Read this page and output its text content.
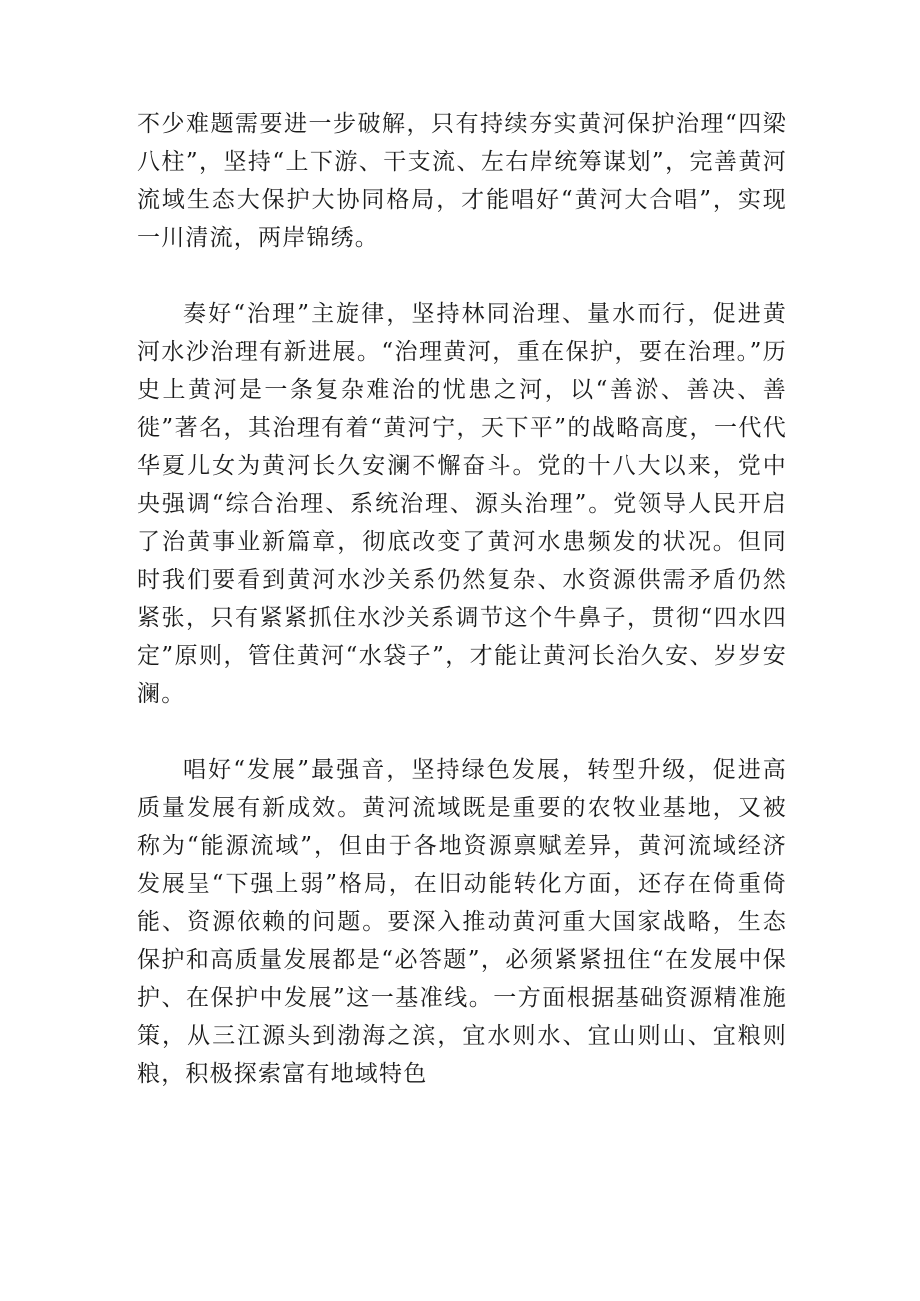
不少难题需要进一步破解，只有持续夯实黄河保护治理“四梁八柱”，坚持“上下游、干支流、左右岸统筹谋划”，完善黄河流域生态大保护大协同格局，才能唱好“黄河大合唱”，实现一川清流，两岸锦绣。

奏好“治理”主旋律，坚持林同治理、量水而行，促进黄河水沙治理有新进展。“治理黄河，重在保护，要在治理。”历史上黄河是一条复杂难治的忧患之河，以“善淤、善决、善徙”著名，其治理有着“黄河宁，天下平”的战略高度，一代代华夏儿女为黄河长久安澜不懈奋斗。党的十八大以来，党中央强调“综合治理、系统治理、源头治理”。党领导人民开启了治黄事业新篇章，彻底改变了黄河水患频发的状况。但同时我们要看到黄河水沙关系仍然复杂、水资源供需矛盾仍然紧张，只有紧紧抓住水沙关系调节这个牛鼻子，贯彻“四水四定”原则，管住黄河“水袋子”，才能让黄河长治久安、岁岁安澜。

唱好“发展”最强音，坚持绿色发展，转型升级，促进高质量发展有新成效。黄河流域既是重要的农牧业基地，又被称为“能源流域”，但由于各地资源禀赋差异，黄河流域经济发展呈“下强上弱”格局，在旧动能转化方面，还存在倚重倚能、资源依赖的问题。要深入推动黄河重大国家战略，生态保护和高质量发展都是“必答题”，必须紧紧扭住“在发展中保护、在保护中发展”这一基准线。一方面根据基础资源精准施策，从三江源头到渤海之滨，宜水则水、宜山则山、宜粮则粮，积极探索富有地域特色
